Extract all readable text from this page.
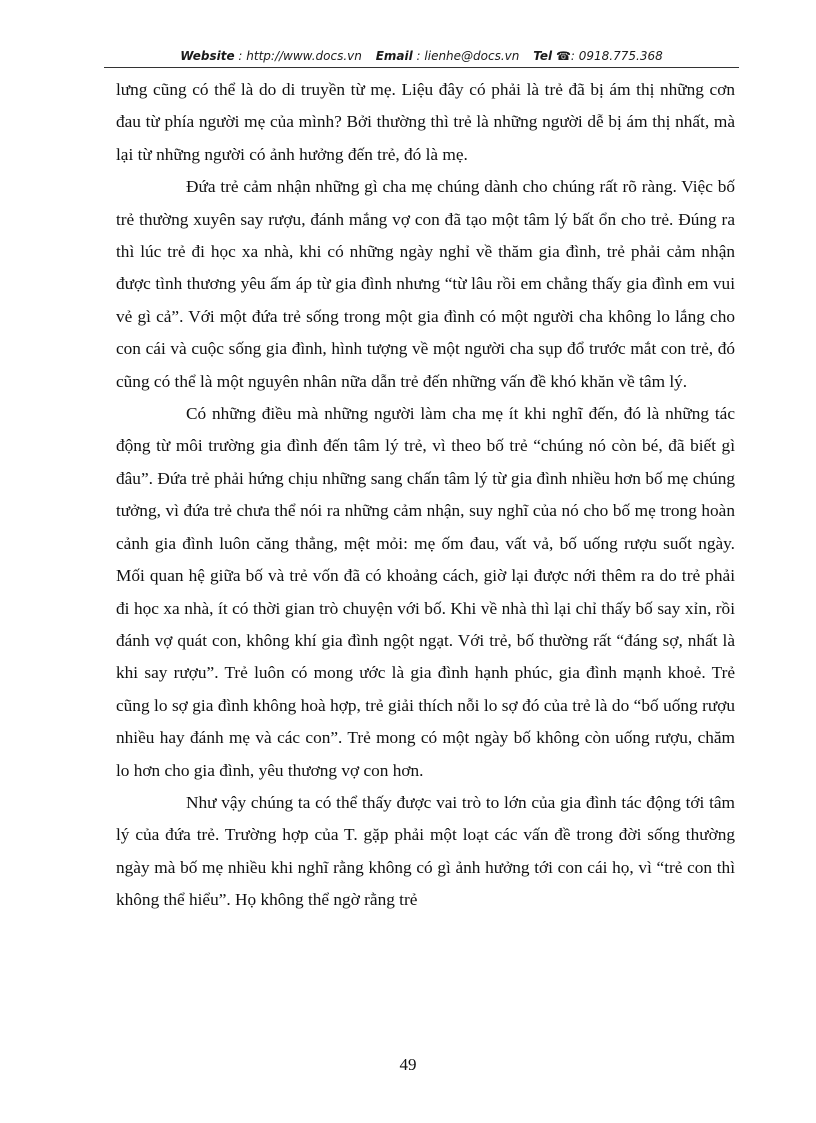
Website : http://www.docs.vn Email : lienhe@docs.vn Tel ☎: 0918.775.368

lưng cũng có thể là do di truyền từ mẹ. Liệu đây có phải là trẻ đã bị ám thị những cơn đau từ phía người mẹ của mình? Bởi thường thì trẻ là những người dễ bị ám thị nhất, mà lại từ những người có ảnh hưởng đến trẻ, đó là mẹ.

Đứa trẻ cảm nhận những gì cha mẹ chúng dành cho chúng rất rõ ràng. Việc bố trẻ thường xuyên say rượu, đánh mắng vợ con đã tạo một tâm lý bất ổn cho trẻ. Đúng ra thì lúc trẻ đi học xa nhà, khi có những ngày nghỉ về thăm gia đình, trẻ phải cảm nhận được tình thương yêu ấm áp từ gia đình nhưng “từ lâu rồi em chẳng thấy gia đình em vui vẻ gì cả”. Với một đứa trẻ sống trong một gia đình có một người cha không lo lắng cho con cái và cuộc sống gia đình, hình tượng về một người cha sụp đổ trước mắt con trẻ, đó cũng có thể là một nguyên nhân nữa dẫn trẻ đến những vấn đề khó khăn về tâm lý.

Có những điều mà những người làm cha mẹ ít khi nghĩ đến, đó là những tác động từ môi trường gia đình đến tâm lý trẻ, vì theo bố trẻ “chúng nó còn bé, đã biết gì đâu”. Đứa trẻ phải hứng chịu những sang chấn tâm lý từ gia đình nhiều hơn bố mẹ chúng tưởng, vì đứa trẻ chưa thể nói ra những cảm nhận, suy nghĩ của nó cho bố mẹ trong hoàn cảnh gia đình luôn căng thẳng, mệt mỏi: mẹ ốm đau, vất vả, bố uống rượu suốt ngày. Mối quan hệ giữa bố và trẻ vốn đã có khoảng cách, giờ lại được nới thêm ra do trẻ phải đi học xa nhà, ít có thời gian trò chuyện với bố. Khi về nhà thì lại chỉ thấy bố say xỉn, rồi đánh vợ quát con, không khí gia đình ngột ngạt. Với trẻ, bố thường rất “đáng sợ, nhất là khi say rượu”. Trẻ luôn có mong ước là gia đình hạnh phúc, gia đình mạnh khoẻ. Trẻ cũng lo sợ gia đình không hoà hợp, trẻ giải thích nỗi lo sợ đó của trẻ là do “bố uống rượu nhiều hay đánh mẹ và các con”. Trẻ mong có một ngày bố không còn uống rượu, chăm lo hơn cho gia đình, yêu thương vợ con hơn.

Như vậy chúng ta có thể thấy được vai trò to lớn của gia đình tác động tới tâm lý của đứa trẻ. Trường hợp của T. gặp phải một loạt các vấn đề trong đời sống thường ngày mà bố mẹ nhiều khi nghĩ rằng không có gì ảnh hưởng tới con cái họ, vì “trẻ con thì không thể hiểu”. Họ không thể ngờ rằng trẻ

49
